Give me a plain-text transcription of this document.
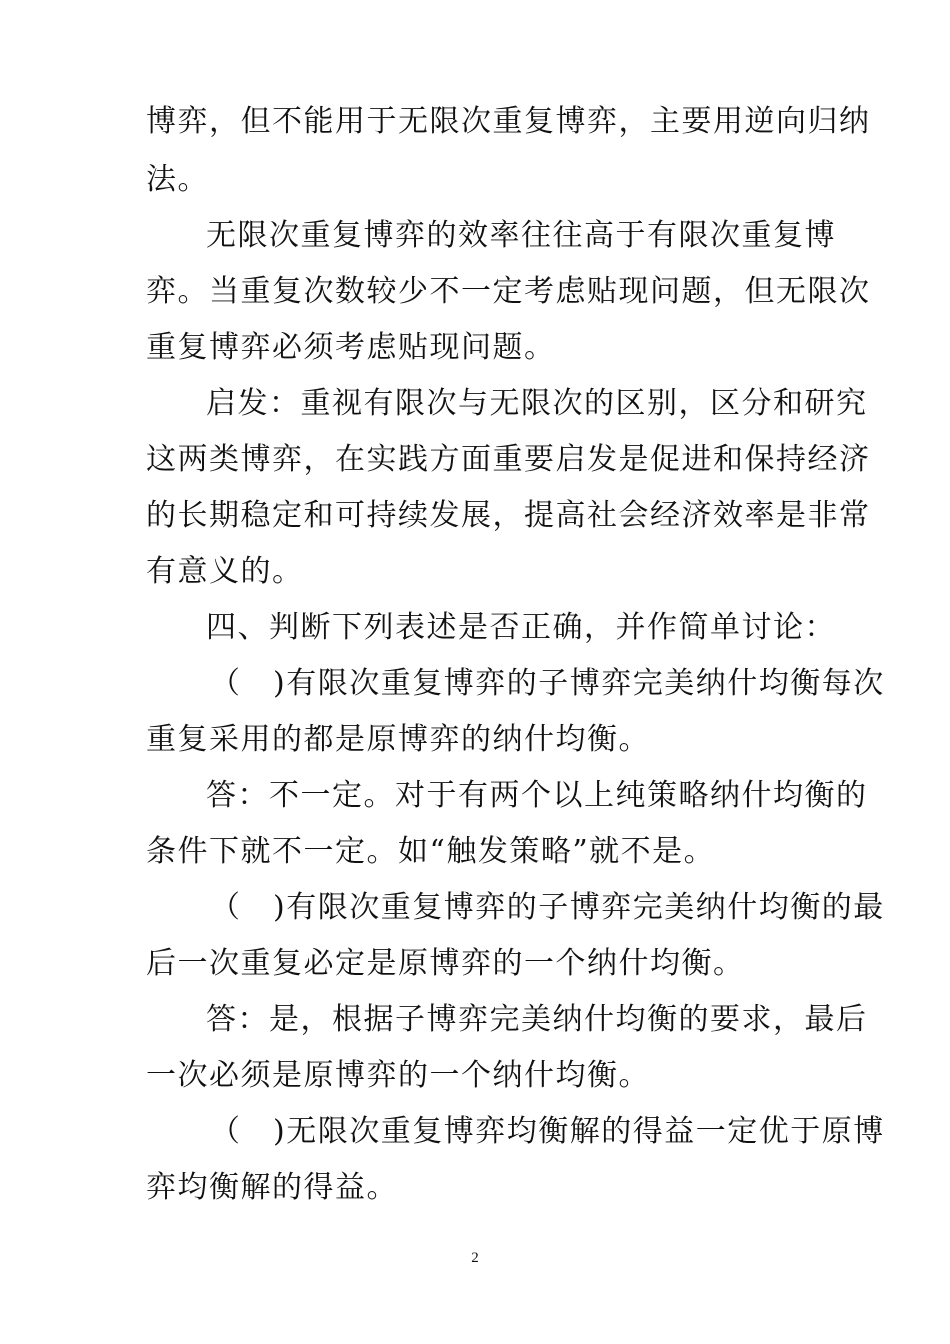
博弈，但不能用于无限次重复博弈，主要用逆向归纳

法。

无限次重复博弈的效率往往高于有限次重复博

弈。当重复次数较少不一定考虑贴现问题，但无限次

重复博弈必须考虑贴现问题。

启发：重视有限次与无限次的区别，区分和研究

这两类博弈，在实践方面重要启发是促进和保持经济

的长期稳定和可持续发展，提高社会经济效率是非常

有意义的。

四、判断下列表述是否正确，并作简单讨论：

（　)有限次重复博弈的子博弈完美纳什均衡每次

重复采用的都是原博弈的纳什均衡。

答：不一定。对于有两个以上纯策略纳什均衡的

条件下就不一定。如“触发策略”就不是。

（　)有限次重复博弈的子博弈完美纳什均衡的最

后一次重复必定是原博弈的一个纳什均衡。

答：是，根据子博弈完美纳什均衡的要求，最后

一次必须是原博弈的一个纳什均衡。

（　)无限次重复博弈均衡解的得益一定优于原博

弈均衡解的得益。

2
